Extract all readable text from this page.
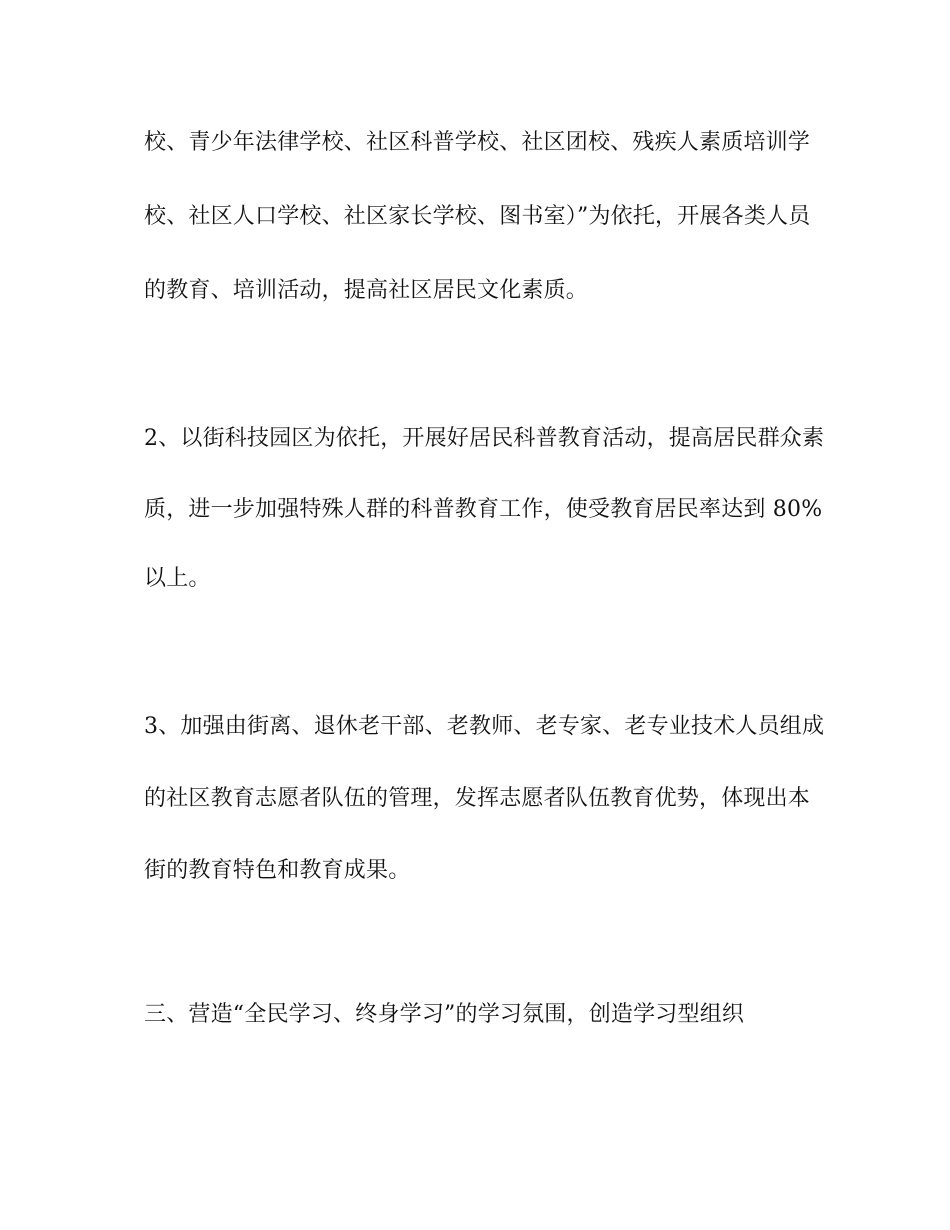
校、青少年法律学校、社区科普学校、社区团校、残疾人素质培训学
校、社区人口学校、社区家长学校、图书室）”为依托，开展各类人员
的教育、培训活动，提高社区居民文化素质。
2、以街科技园区为依托，开展好居民科普教育活动，提高居民群众素
质，进一步加强特殊人群的科普教育工作，使受教育居民率达到 80%
以上。
3、加强由街离、退休老干部、老教师、老专家、老专业技术人员组成
的社区教育志愿者队伍的管理，发挥志愿者队伍教育优势，体现出本
街的教育特色和教育成果。
三、营造“全民学习、终身学习”的学习氛围，创造学习型组织
